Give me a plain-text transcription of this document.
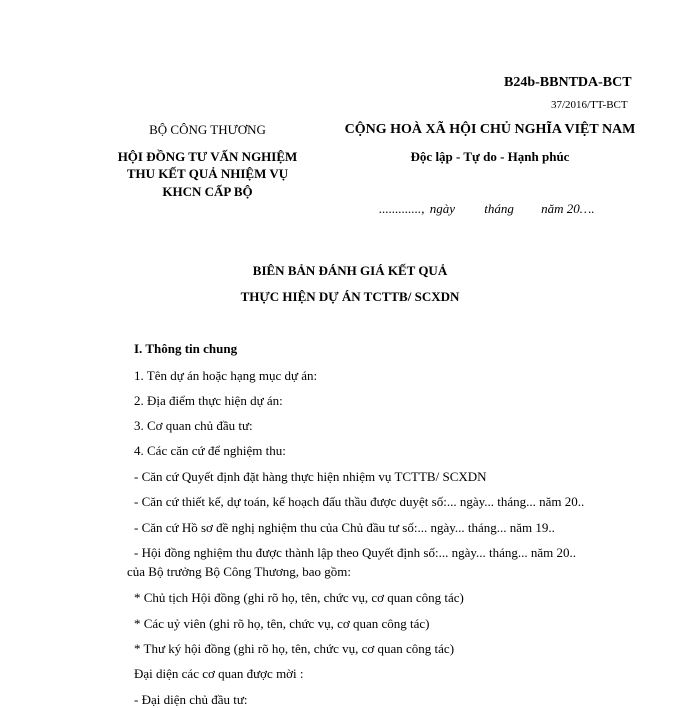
B24b-BBNTDA-BCT
37/2016/TT-BCT
BỘ CÔNG THƯƠNG
HỘI ĐỒNG TƯ VẤN NGHIỆM
THU KẾT QUẢ NHIỆM VỤ
KHCN CẤP BỘ
CỘNG HOÀ XÃ HỘI CHỦ NGHĨA VIỆT NAM
Độc lập - Tự do - Hạnh phúc
............., ngày tháng năm 20….
BIÊN BẢN ĐÁNH GIÁ KẾT QUẢ
THỰC HIỆN DỰ ÁN TCTTB/ SCXDN
I. Thông tin chung
1. Tên dự án hoặc hạng mục dự án:
2. Địa điểm thực hiện dự án:
3. Cơ quan chủ đầu tư:
4. Các căn cứ để nghiệm thu:
- Căn cứ Quyết định đặt hàng thực hiện nhiệm vụ TCTTB/ SCXDN
- Căn cứ thiết kế, dự toán, kế hoạch đấu thầu được duyệt số:... ngày... tháng... năm 20..
- Căn cứ Hồ sơ đề nghị nghiệm thu của Chủ đầu tư số:... ngày... tháng... năm 19..
- Hội đồng nghiệm thu được thành lập theo Quyết định số:... ngày... tháng... năm 20..
của Bộ trưởng Bộ Công Thương, bao gồm:
* Chủ tịch Hội đồng (ghi rõ họ, tên, chức vụ, cơ quan công tác)
* Các uỷ viên (ghi rõ họ, tên, chức vụ, cơ quan công tác)
* Thư ký hội đồng (ghi rõ họ, tên, chức vụ, cơ quan công tác)
Đại diện các cơ quan được mời :
- Đại diện chủ đầu tư:
